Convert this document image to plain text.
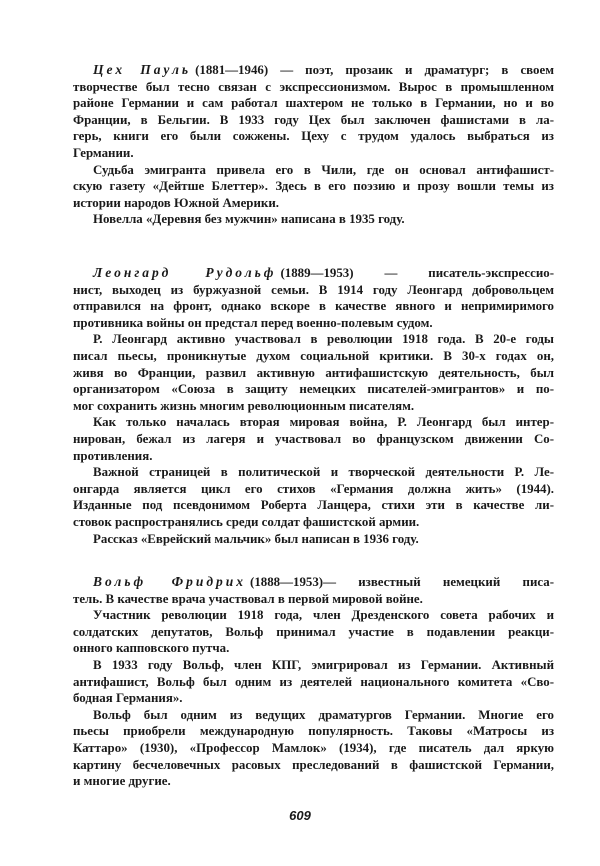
Цех Пауль (1881—1946) — поэт, прозаик и драматург; в своем
творчестве был тесно связан с экспрессионизмом. Вырос в промышленном
районе Германии и сам работал шахтером не только в Германии, но и во
Франции, в Бельгии. В 1933 году Цех был заключен фашистами в ла-
герь, книги его были сожжены. Цеху с трудом удалось выбраться из
Германии.
Судьба эмигранта привела его в Чили, где он основал антифашист-
скую газету «Дейтше Блеттер». Здесь в его поэзию и прозу вошли темы из
истории народов Южной Америки.
Новелла «Деревня без мужчин» написана в 1935 году.
Леонгард Рудольф (1889—1953) — писатель-экспрессио-
нист, выходец из буржуазной семьи. В 1914 году Леонгард добровольцем
отправился на фронт, однако вскоре в качестве явного и непримиримого
противника войны он предстал перед военно-полевым судом.
Р. Леонгард активно участвовал в революции 1918 года. В 20-е годы
писал пьесы, проникнутые духом социальной критики. В 30-х годах он,
живя во Франции, развил активную антифашистскую деятельность, был
организатором «Союза в защиту немецких писателей-эмигрантов» и по-
мог сохранить жизнь многим революционным писателям.
Как только началась вторая мировая война, Р. Леонгард был интер-
нирован, бежал из лагеря и участвовал во французском движении Со-
противления.
Важной страницей в политической и творческой деятельности Р. Ле-
онгарда является цикл его стихов «Германия должна жить» (1944).
Изданные под псевдонимом Роберта Ланцера, стихи эти в качестве ли-
стовок распространялись среди солдат фашистской армии.
Рассказ «Еврейский мальчик» был написан в 1936 году.
Вольф Фридрих (1888—1953)— известный немецкий писа-
тель. В качестве врача участвовал в первой мировой войне.
Участник революции 1918 года, член Дрезденского совета рабочих и
солдатских депутатов, Вольф принимал участие в подавлении реакци-
онного капповского путча.
В 1933 году Вольф, член КПГ, эмигрировал из Германии. Активный
антифашист, Вольф был одним из деятелей национального комитета «Сво-
бодная Германия».
Вольф был одним из ведущих драматургов Германии. Многие его
пьесы приобрели международную популярность. Таковы «Матросы из
Каттаро» (1930), «Профессор Мамлок» (1934), где писатель дал яркую
картину бесчеловечных расовых преследований в фашистской Германии,
и многие другие.
609
